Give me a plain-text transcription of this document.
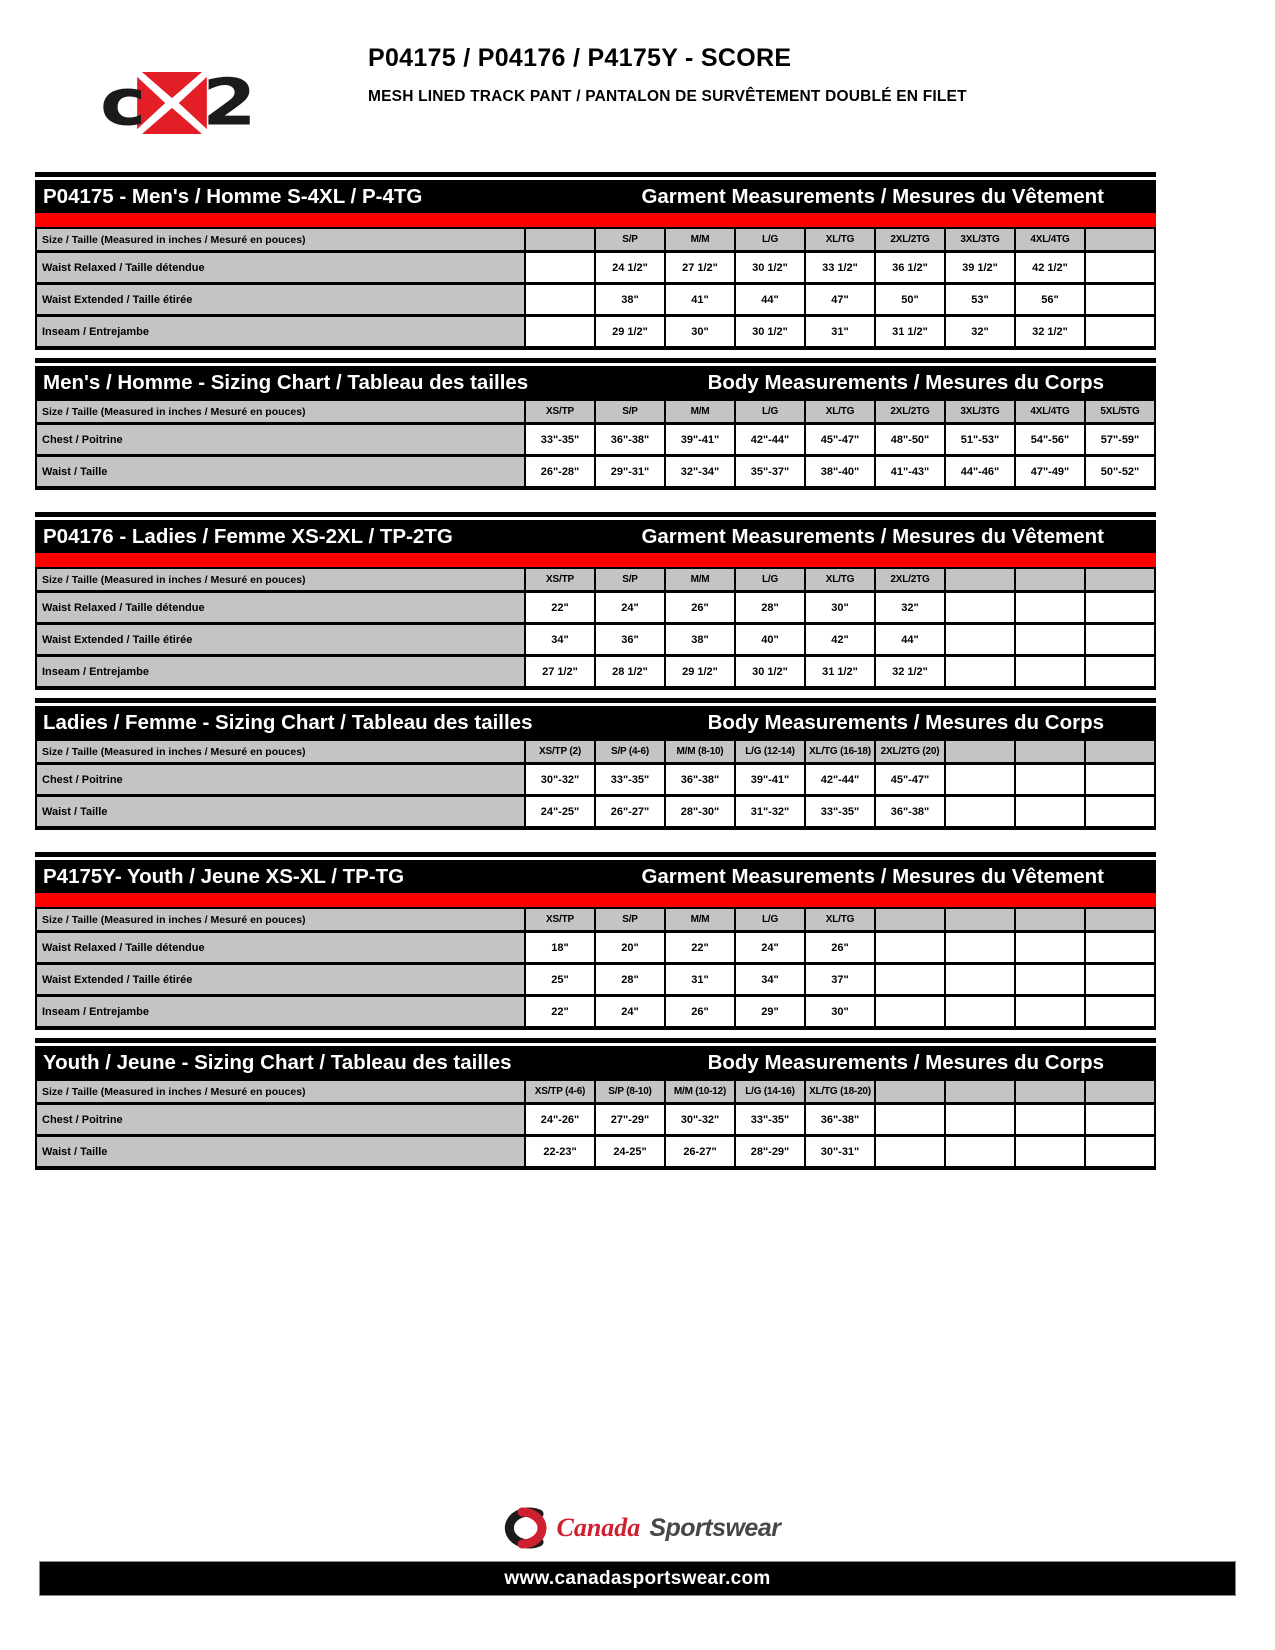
c 2
P04175 / P04176 / P4175Y - SCORE
MESH LINED TRACK PANT / PANTALON DE SURVÊTEMENT DOUBLÉ EN FILET
P04175 - Men's / Homme S-4XL / P-4TG	Garment Measurements / Mesures du Vêtement
Size / Taille (Measured in inches / Mesuré en pouces)	S/P	M/M	L/G	XL/TG	2XL/2TG	3XL/3TG	4XL/4TG
Waist Relaxed / Taille détendue	24 1/2"	27 1/2"	30 1/2"	33 1/2"	36 1/2"	39 1/2"	42 1/2"
Waist Extended / Taille étirée	38"	41"	44"	47"	50"	53"	56"
Inseam / Entrejambe	29 1/2"	30"	30 1/2"	31"	31 1/2"	32"	32 1/2"
Men's / Homme - Sizing Chart / Tableau des tailles	Body Measurements / Mesures du Corps
Size / Taille (Measured in inches / Mesuré en pouces)	XS/TP	S/P	M/M	L/G	XL/TG	2XL/2TG	3XL/3TG	4XL/4TG	5XL/5TG
Chest / Poitrine	33"-35"	36"-38"	39"-41"	42"-44"	45"-47"	48"-50"	51"-53"	54"-56"	57"-59"
Waist / Taille	26"-28"	29"-31"	32"-34"	35"-37"	38"-40"	41"-43"	44"-46"	47"-49"	50"-52"
P04176 - Ladies / Femme XS-2XL / TP-2TG	Garment Measurements / Mesures du Vêtement
Size / Taille (Measured in inches / Mesuré en pouces)	XS/TP	S/P	M/M	L/G	XL/TG	2XL/2TG
Waist Relaxed / Taille détendue	22"	24"	26"	28"	30"	32"
Waist Extended / Taille étirée	34"	36"	38"	40"	42"	44"
Inseam / Entrejambe	27 1/2"	28 1/2"	29 1/2"	30 1/2"	31 1/2"	32 1/2"
Ladies / Femme - Sizing Chart / Tableau des tailles	Body Measurements / Mesures du Corps
Size / Taille (Measured in inches / Mesuré en pouces)	XS/TP (2)	S/P (4-6)	M/M (8-10)	L/G (12-14)	XL/TG (16-18) 2XL/2TG (20)
Chest / Poitrine	30"-32"	33"-35"	36"-38"	39"-41"	42"-44"	45"-47"
Waist / Taille	24"-25"	26"-27"	28"-30"	31"-32"	33"-35"	36"-38"
P4175Y- Youth / Jeune XS-XL / TP-TG	Garment Measurements / Mesures du Vêtement
Size / Taille (Measured in inches / Mesuré en pouces)	XS/TP	S/P	M/M	L/G	XL/TG
Waist Relaxed / Taille détendue	18"	20"	22"	24"	26"
Waist Extended / Taille étirée	25"	28"	31"	34"	37"
Inseam / Entrejambe	22"	24"	26"	29"	30"
Youth / Jeune - Sizing Chart / Tableau des tailles	Body Measurements / Mesures du Corps
Size / Taille (Measured in inches / Mesuré en pouces)	XS/TP (4-6)	S/P (8-10)	M/M (10-12)	L/G (14-16)	XL/TG (18-20)
Chest / Poitrine	24"-26"	27"-29"	30"-32"	33"-35"	36"-38"
Waist / Taille	22-23"	24-25"	26-27"	28"-29"	30"-31"
Canada Sportswear
www.canadasportswear.com
